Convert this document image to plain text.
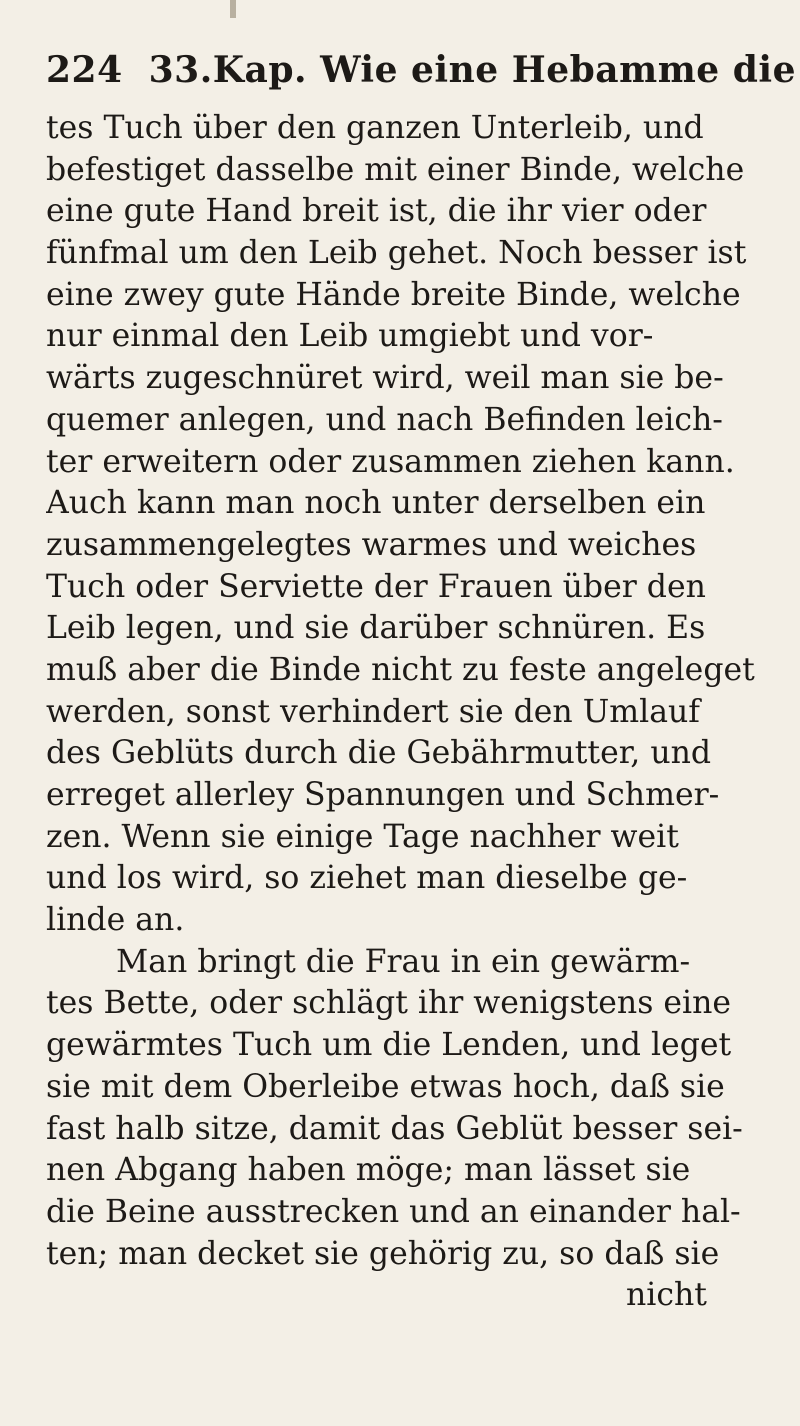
224 33.Kap. Wie eine Hebamme die
tes Tuch über den ganzen Unterleib, und
befestiget dasselbe mit einer Binde, welche
eine gute Hand breit ist, die ihr vier oder
fünfmal um den Leib gehet. Noch besser ist
eine zwey gute Hände breite Binde, welche
nur einmal den Leib umgiebt und vor-
wärts zugeschnüret wird, weil man sie be-
quemer anlegen, und nach Befinden leich-
ter erweitern oder zusammen ziehen kann.
Auch kann man noch unter derselben ein
zusammengelegtes warmes und weiches
Tuch oder Serviette der Frauen über den
Leib legen, und sie darüber schnüren. Es
muß aber die Binde nicht zu feste angeleget
werden, sonst verhindert sie den Umlauf
des Geblüts durch die Gebährmutter, und
erreget allerley Spannungen und Schmer-
zen. Wenn sie einige Tage nachher weit
und los wird, so ziehet man dieselbe ge-
linde an.
Man bringt die Frau in ein gewärm-
tes Bette, oder schlägt ihr wenigstens eine
gewärmtes Tuch um die Lenden, und leget
sie mit dem Oberleibe etwas hoch, daß sie
fast halb sitze, damit das Geblüt besser sei-
nen Abgang haben möge; man lässet sie
die Beine ausstrecken und an einander hal-
ten; man decket sie gehörig zu, so daß sie
nicht
